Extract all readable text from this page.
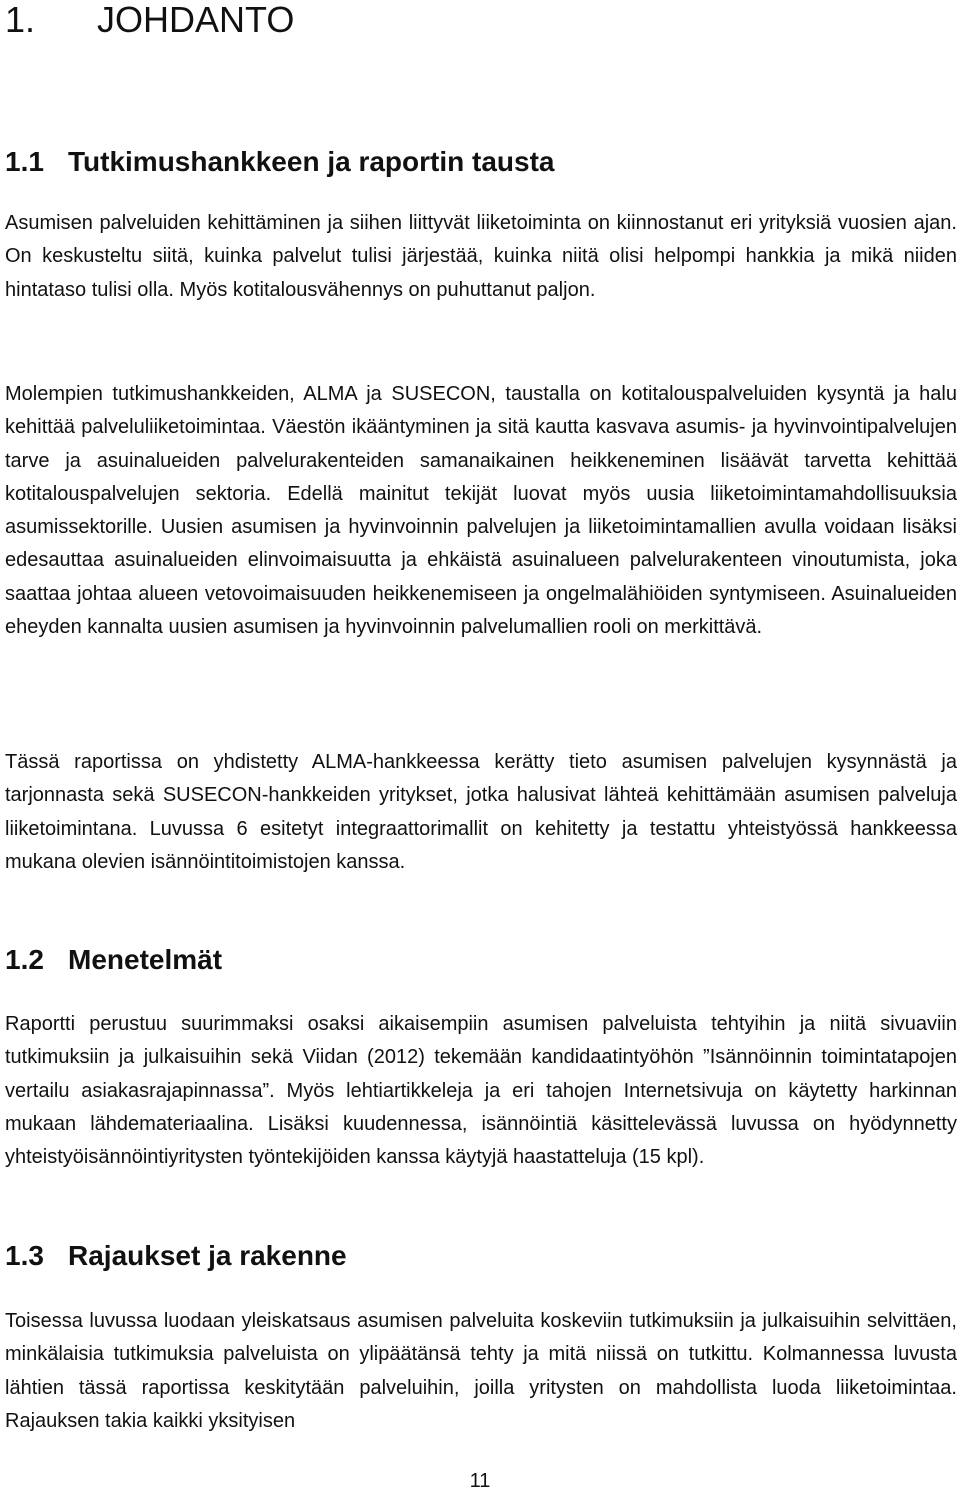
1. JOHDANTO
1.1 Tutkimushankkeen ja raportin tausta

Asumisen palveluiden kehittäminen ja siihen liittyvät liiketoiminta on kiinnostanut eri yrityksiä vuosien ajan. On keskusteltu siitä, kuinka palvelut tulisi järjestää, kuinka niitä olisi helpompi hankkia ja mikä niiden hintataso tulisi olla. Myös kotitalousvähennys on puhuttanut paljon.

Molempien tutkimushankkeiden, ALMA ja SUSECON, taustalla on kotitalouspalveluiden kysyntä ja halu kehittää palveluliiketoimintaa. Väestön ikääntyminen ja sitä kautta kasvava asumis- ja hyvinvointipalvelujen tarve ja asuinalueiden palvelurakenteiden samanaikainen heikkeneminen lisäävät tarvetta kehittää kotitalouspalvelujen sektoria. Edellä mainitut tekijät luovat myös uusia liiketoimintamahdollisuuksia asumissektorille. Uusien asumisen ja hyvinvoinnin palvelujen ja liiketoimintamallien avulla voidaan lisäksi edesauttaa asuinalueiden elinvoimaisuutta ja ehkäistä asuinalueen palvelurakenteen vinoutumista, joka saattaa johtaa alueen vetovoimaisuuden heikkenemiseen ja ongelmalähiöiden syntymiseen. Asuinalueiden eheyden kannalta uusien asumisen ja hyvinvoinnin palvelumallien rooli on merkittävä.

Tässä raportissa on yhdistetty ALMA-hankkeessa kerätty tieto asumisen palvelujen kysynnästä ja tarjonnasta sekä SUSECON-hankkeiden yritykset, jotka halusivat lähteä kehittämään asumisen palveluja liiketoimintana. Luvussa 6 esitetyt integraattorimallit on kehitetty ja testattu yhteistyössä hankkeessa mukana olevien isännöintitoimistojen kanssa.

1.2 Menetelmät

Raportti perustuu suurimmaksi osaksi aikaisempiin asumisen palveluista tehtyihin ja niitä sivuaviin tutkimuksiin ja julkaisuihin sekä Viidan (2012) tekemään kandidaatintyöhön ”Isännöinnin toimintatapojen vertailu asiakasrajapinnassa”. Myös lehtiartikkeleja ja eri tahojen Internetsivuja on käytetty harkinnan mukaan lähdemateriaalina. Lisäksi kuudennessa, isännöintiä käsittelevässä luvussa on hyödynnetty yhteistyöisännöintiyritysten työntekijöiden kanssa käytyjä haastatteluja (15 kpl).

1.3 Rajaukset ja rakenne

Toisessa luvussa luodaan yleiskatsaus asumisen palveluita koskeviin tutkimuksiin ja julkaisuihin selvittäen, minkälaisia tutkimuksia palveluista on ylipäätänsä tehty ja mitä niissä on tutkittu. Kolmannessa luvusta lähtien tässä raportissa keskitytään palveluihin, joilla yritysten on mahdollista luoda liiketoimintaa. Rajauksen takia kaikki yksityisen

11
